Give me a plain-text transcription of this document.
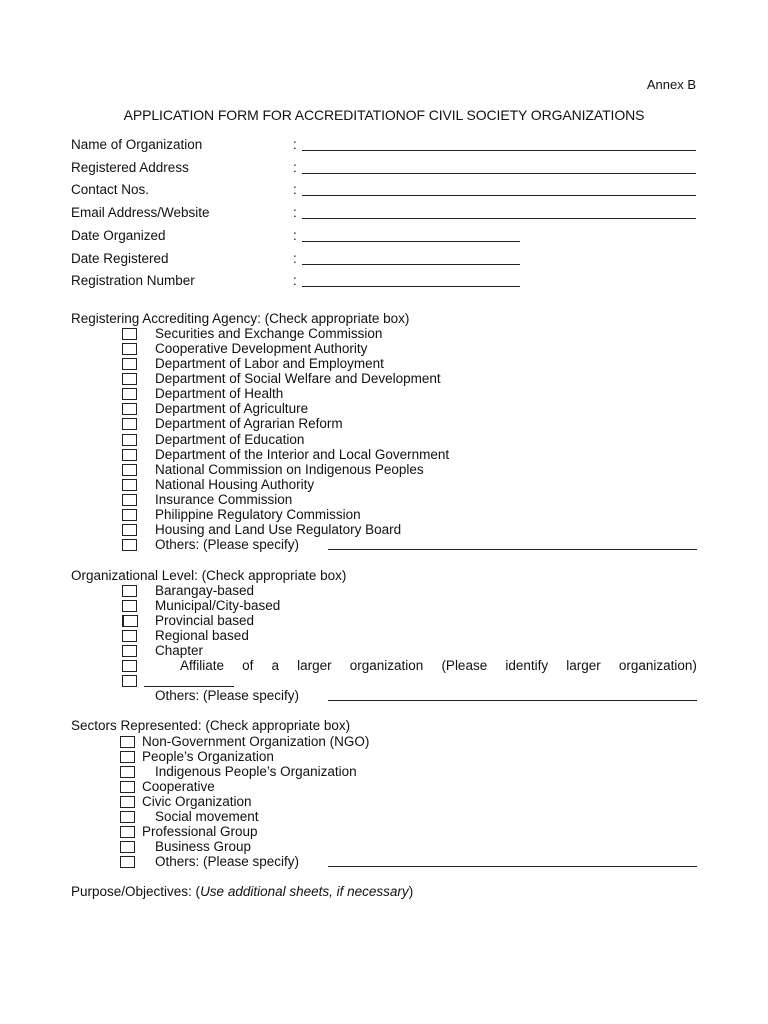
Annex B
APPLICATION FORM FOR ACCREDITATIONOF CIVIL SOCIETY ORGANIZATIONS
Name of Organization	:
Registered Address	:
Contact Nos.	:
Email Address/Website	:
Date Organized	:
Date Registered	:
Registration Number	:
Registering Accrediting Agency: (Check appropriate box)
Securities and Exchange Commission
Cooperative Development Authority
Department of Labor and Employment
Department of Social Welfare and Development
Department of Health
Department of Agriculture
Department of Agrarian Reform
Department of Education
Department of the Interior and Local Government
National Commission on Indigenous Peoples
National Housing Authority
Insurance Commission
Philippine Regulatory Commission
Housing and Land Use Regulatory Board
Others: (Please specify)
Organizational Level: (Check appropriate box)
Barangay-based
Municipal/City-based
Provincial based
Regional based
Chapter
Affiliate of a larger organization (Please identify larger organization)
Others: (Please specify)
Sectors Represented: (Check appropriate box)
Non-Government Organization (NGO)
People’s Organization
Indigenous People’s Organization
Cooperative
Civic Organization
Social movement
Professional Group
Business Group
Others: (Please specify)
Purpose/Objectives: (Use additional sheets, if necessary)
